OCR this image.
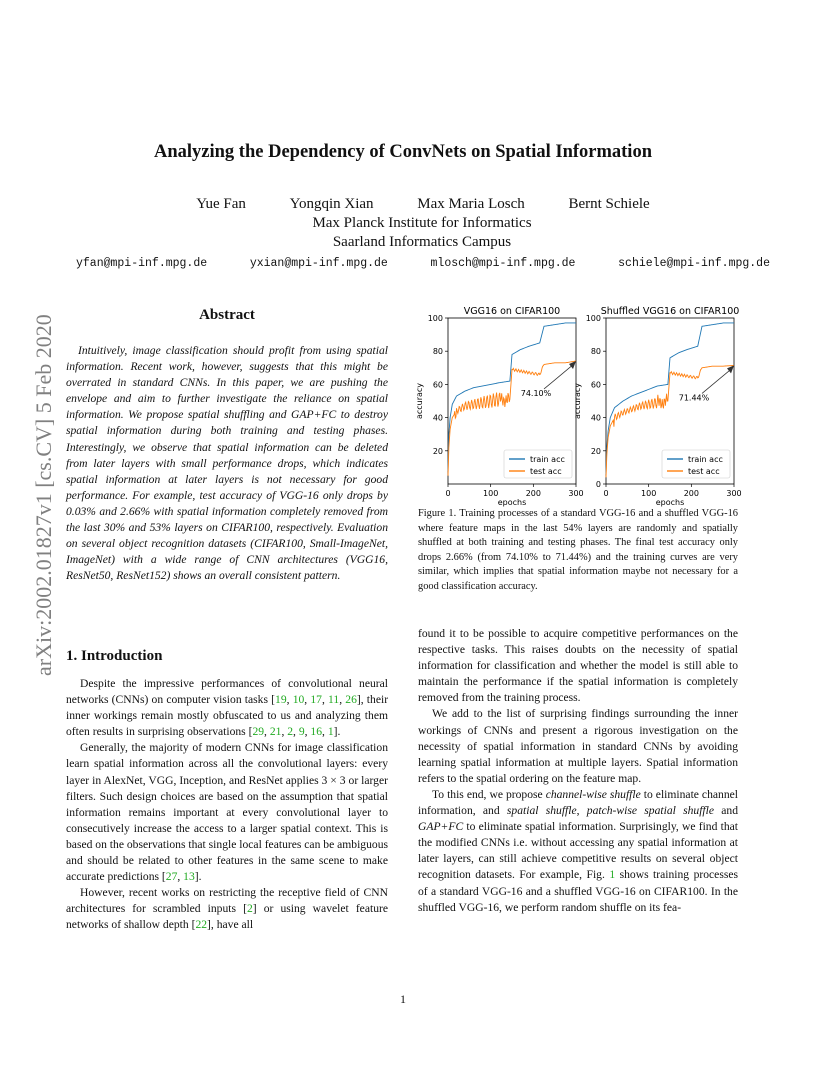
Analyzing the Dependency of ConvNets on Spatial Information
Yue Fan	Yongqin Xian	Max Maria Losch	Bernt Schiele
Max Planck Institute for Informatics
Saarland Informatics Campus
yfan@mpi-inf.mpg.de	yxian@mpi-inf.mpg.de	mlosch@mpi-inf.mpg.de	schiele@mpi-inf.mpg.de
arXiv:2002.01827v1 [cs.CV] 5 Feb 2020	Abstract
Intuitively, image classification should profit from using spatial information. Recent work, however, suggests that this might be overrated in standard CNNs. In this paper, we are pushing the envelope and aim to further investigate the reliance on spatial information. We propose spatial shuffling and GAP+FC to destroy spatial information during both training and testing phases. Interestingly, we observe that spatial information can be deleted from later layers with small performance drops, which indicates spatial information at later layers is not necessary for good performance. For example, test accuracy of VGG-16 only drops by 0.03% and 2.66% with spatial information completely removed from the last 30% and 53% layers on CIFAR100, respectively. Evaluation on several object recognition datasets (CIFAR100, Small-ImageNet, ImageNet) with a wide range of CNN architectures (VGG16, ResNet50, ResNet152) shows an overall consistent pattern.
1. Introduction

Despite the impressive performances of convolutional neural networks (CNNs) on computer vision tasks [19, 10, 17, 11, 26], their inner workings remain mostly obfuscated to us and analyzing them often results in surprising observations [29, 21, 2, 9, 16, 1].

Generally, the majority of modern CNNs for image classification learn spatial information across all the convolutional layers: every layer in AlexNet, VGG, Inception, and ResNet applies 3 × 3 or larger filters. Such design choices are based on the assumption that spatial information remains important at every convolutional layer to consecutively increase the access to a larger spatial context. This is based on the observations that single local features can be ambiguous and should be related to other features in the same scene to make accurate predictions [27, 13].

However, recent works on restricting the receptive field of CNN architectures for scrambled inputs [2] or using wavelet feature networks of shallow depth [22], have all

VGG16 on CIFAR100
0	100	200	300
20
40
60
80
100
epochs
accuracy	74.10%
train acc
test acc
Shuffled VGG16 on CIFAR100
0	100	200	300
0
20
40
60
80
100
epochs
accuracy	71.44%
train acc
test acc
Figure 1. Training processes of a standard VGG-16 and a shuffled VGG-16 where feature maps in the last 54% layers are randomly and spatially shuffled at both training and testing phases. The final test accuracy only drops 2.66% (from 74.10% to 71.44%) and the training curves are very similar, which implies that spatial information maybe not necessary for a good classification accuracy.

found it to be possible to acquire competitive performances on the respective tasks. This raises doubts on the necessity of spatial information for classification and whether the model is still able to maintain the performance if the spatial information is completely removed from the training process.

We add to the list of surprising findings surrounding the inner workings of CNNs and present a rigorous investigation on the necessity of spatial information in standard CNNs by avoiding learning spatial information at multiple layers. Spatial information refers to the spatial ordering on the feature map.

To this end, we propose channel-wise shuffle to eliminate channel information, and spatial shuffle, patch-wise spatial shuffle and GAP+FC to eliminate spatial information. Surprisingly, we find that the modified CNNs i.e. without accessing any spatial information at later layers, can still achieve competitive results on several object recognition datasets. For example, Fig. 1 shows training processes of a standard VGG-16 and a shuffled VGG-16 on CIFAR100. In the shuffled VGG-16, we perform random shuffle on its fea-

1
